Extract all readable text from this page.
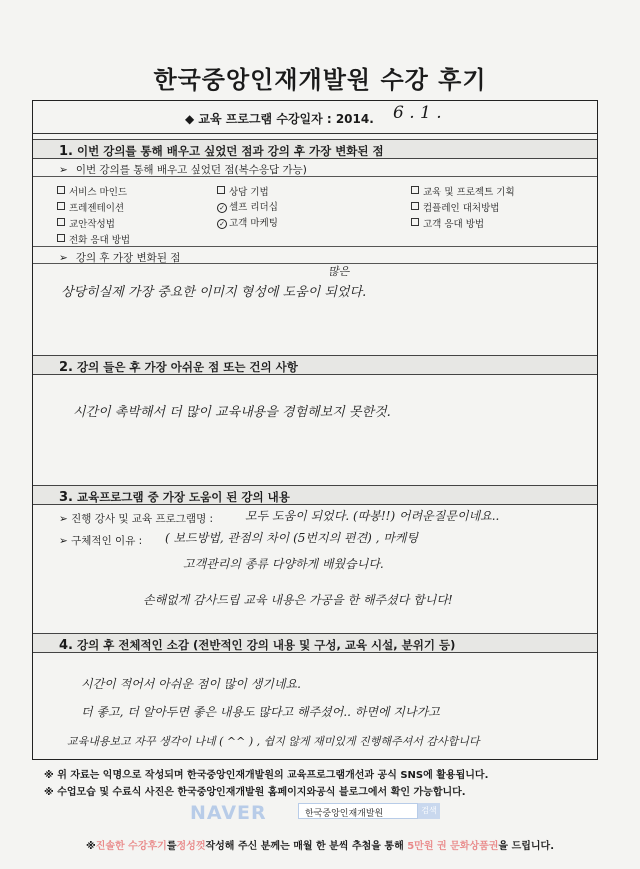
한국중앙인재개발원 수강 후기
◆ 교육 프로그램 수강일자 : 2014. 6 . 1 .
1. 이번 강의를 통해 배우고 싶었던 점과 강의 후 가장 변화된 점
➢ 이번 강의를 통해 배우고 싶었던 점(복수응답 가능)
서비스 마인드	상담 기법	교육 및 프로젝트 기획
프레젠테이션	✓ 셀프 리더십	컴플레인 대처방법
교안작성법	✓ 고객 마케팅	고객 응대 방법
전화 응대 방법
➢ 강의 후 가장 변화된 점
많은
상당히실제 가장 중요한 이미지 형성에 도움이 되었다.
2. 강의 들은 후 가장 아쉬운 점 또는 건의 사항
시간이 촉박해서 더 많이 교육내용을 경험해보지 못한것.
3. 교육프로그램 중 가장 도움이 된 강의 내용
➢ 진행 강사 및 교육 프로그램명 :	모두 도움이 되었다. (따봉!!) 어려운질문이네요..
➢ 구체적인 이유 : ( 보드방법, 관점의 차이 (5번지의 편견) , 마케팅
고객관리의 종류 다양하게 배웠습니다.
손해없게 감사드립 교육 내용은 가공을 한 해주셨다 합니다!
4. 강의 후 전체적인 소감 (전반적인 강의 내용 및 구성, 교육 시설, 분위기 등)
시간이 적어서 아쉬운 점이 많이 생기네요.
더 좋고, 더 알아두면 좋은 내용도 많다고 해주셨어.. 하면에 지나가고
교육내용보고 자꾸 생각이 나네 ( ^^ ) , 쉽지 않게 재미있게 진행해주셔서 감사합니다
※ 위 자료는 익명으로 작성되며 한국중앙인재개발원의 교육프로그램개선과 공식 SNS에 활용됩니다.
※ 수업모습 및 수료식 사진은 한국중앙인재개발원 홈페이지와공식 블로그에서 확인 가능합니다.
NAVER	한국중앙인재개발원	검색
※진솔한 수강후기를정성껏작성해 주신 분께는 매월 한 분씩 추첨을 통해 5만원 권 문화상품권을 드립니다.
